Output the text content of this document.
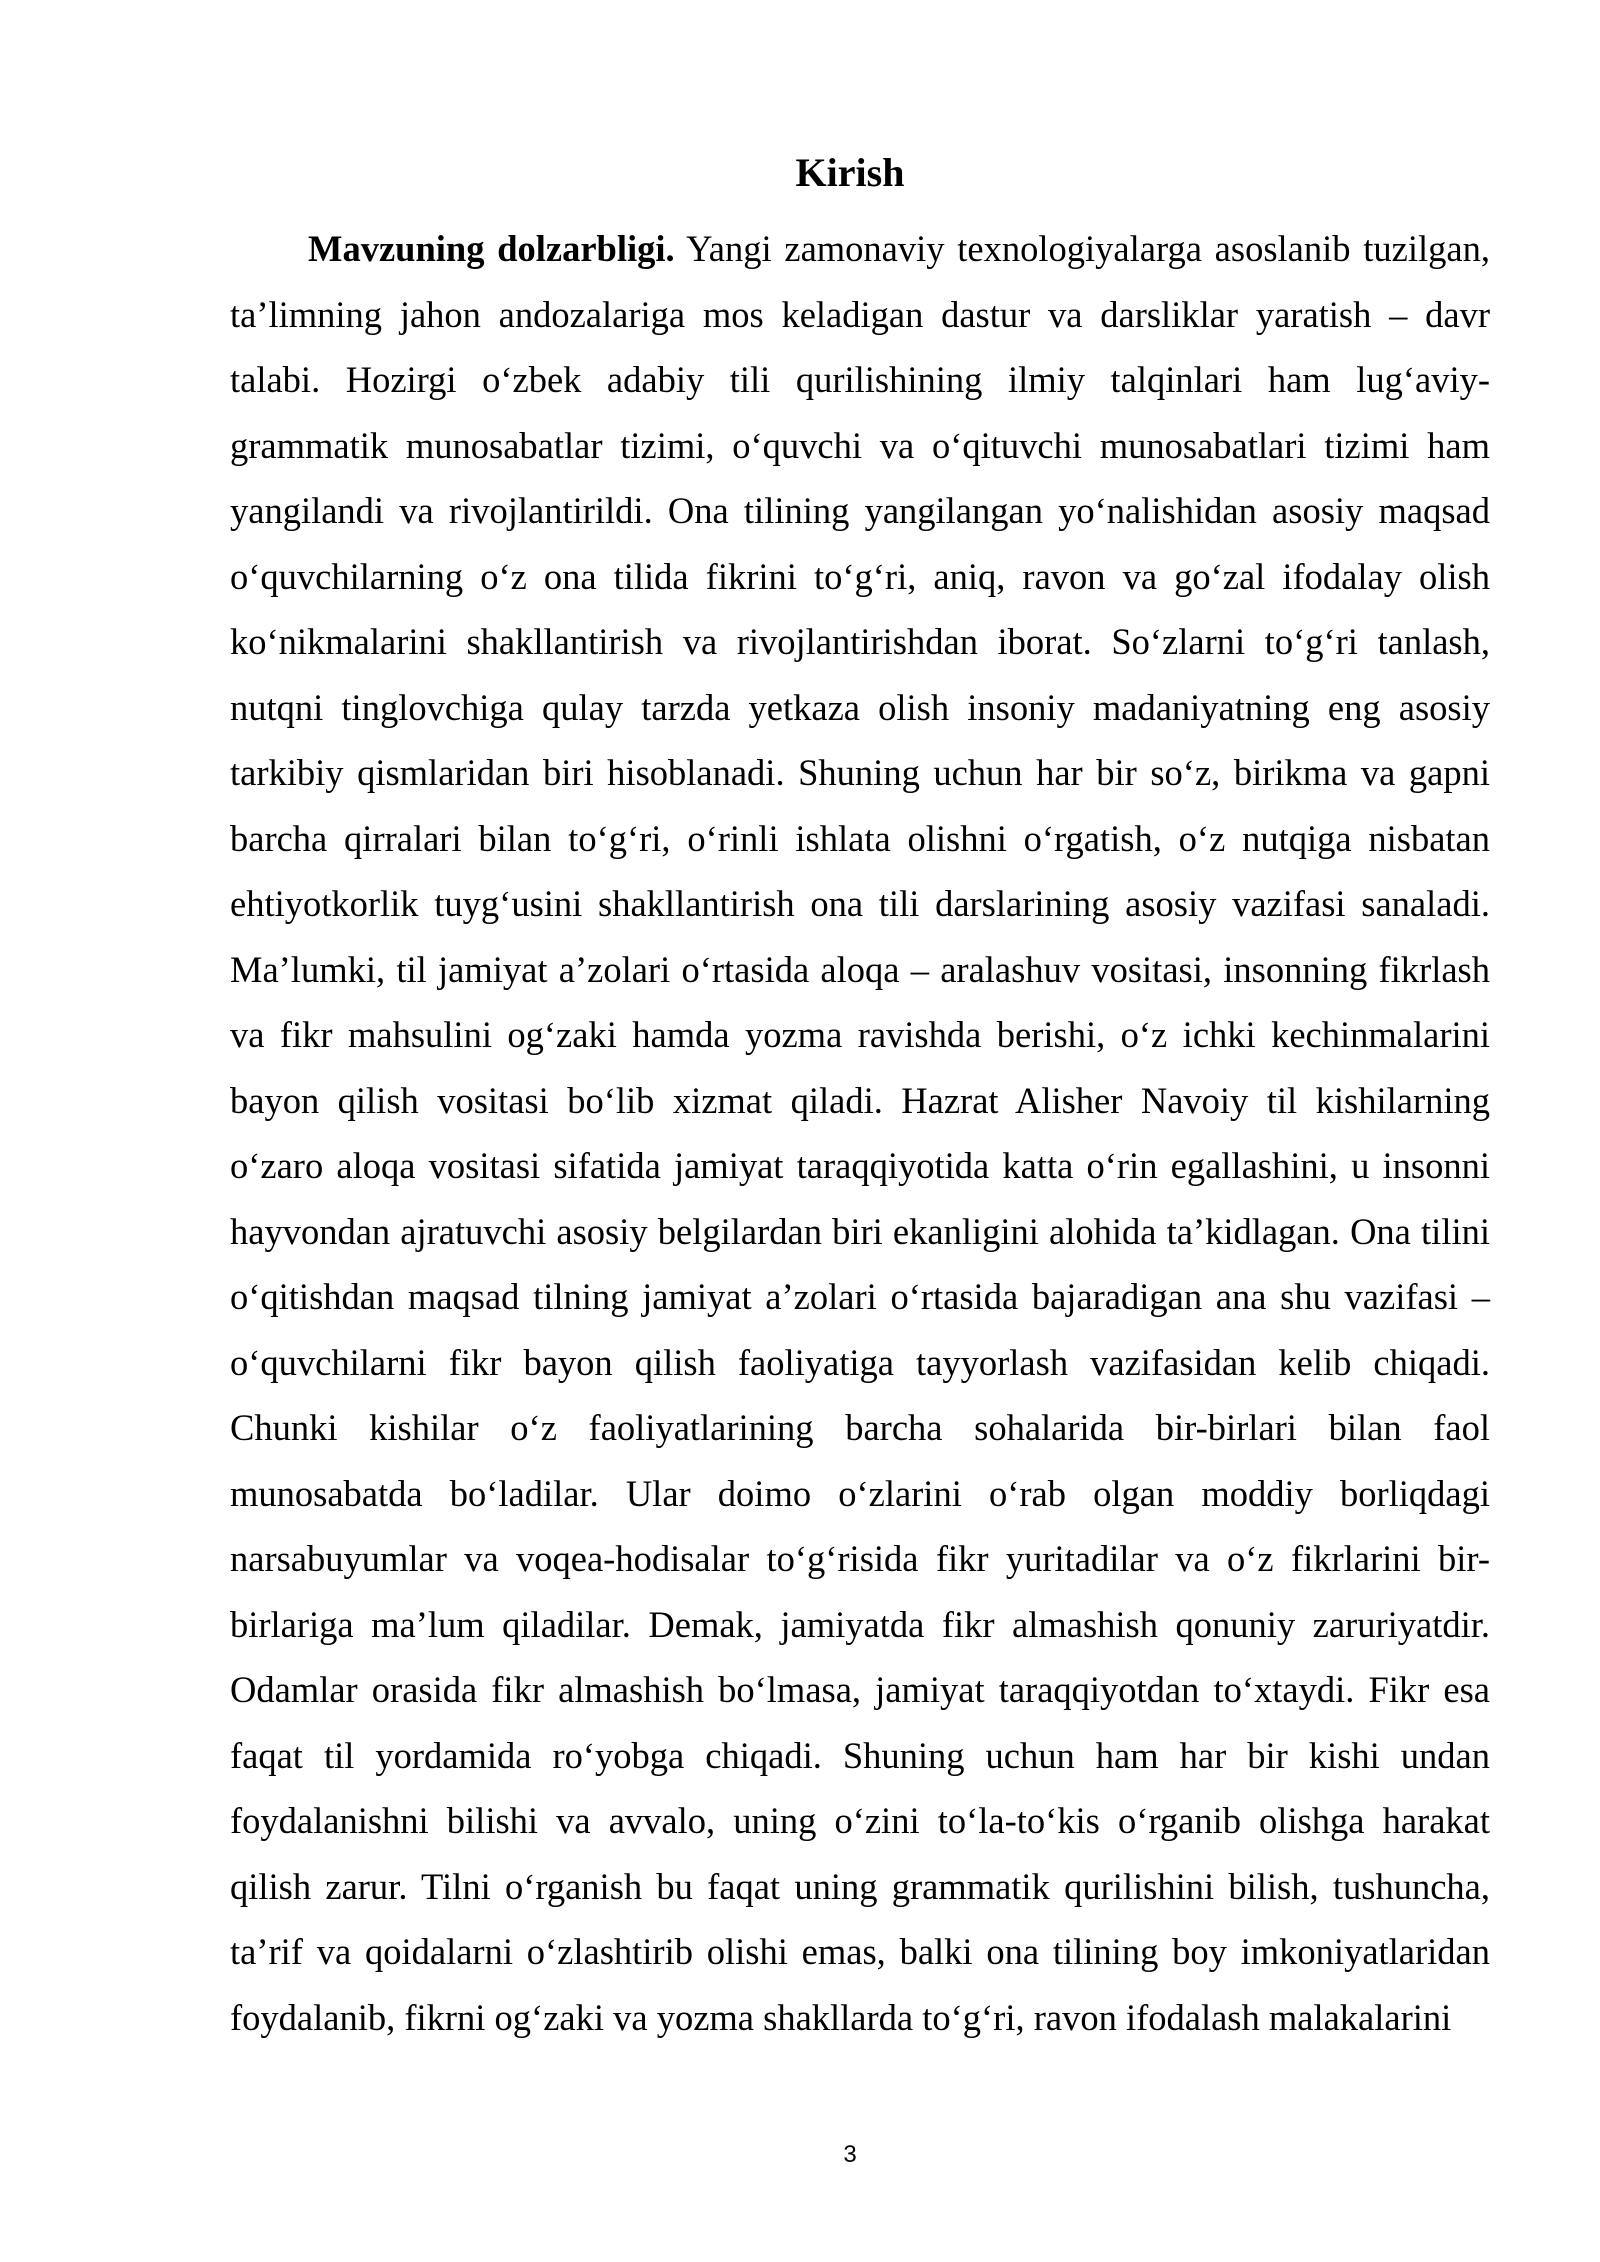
Kirish

Mavzuning dolzarbligi. Yangi zamonaviy texnologiyalarga asoslanib tuzilgan, ta’limning jahon andozalariga mos keladigan dastur va darsliklar yaratish – davr talabi. Hozirgi o‘zbek adabiy tili qurilishining ilmiy talqinlari ham lug‘aviy-grammatik munosabatlar tizimi, o‘quvchi va o‘qituvchi munosabatlari tizimi ham yangilandi va rivojlantirildi. Ona tilining yangilangan yo‘nalishidan asosiy maqsad o‘quvchilarning o‘z ona tilida fikrini to‘g‘ri, aniq, ravon va go‘zal ifodalay olish ko‘nikmalarini shakllantirish va rivojlantirishdan iborat. So‘zlarni to‘g‘ri tanlash, nutqni tinglovchiga qulay tarzda yetkaza olish insoniy madaniyatning eng asosiy tarkibiy qismlaridan biri hisoblanadi. Shuning uchun har bir so‘z, birikma va gapni barcha qirralari bilan to‘g‘ri, o‘rinli ishlata olishni o‘rgatish, o‘z nutqiga nisbatan ehtiyotkorlik tuyg‘usini shakllantirish ona tili darslarining asosiy vazifasi sanaladi. Ma’lumki, til jamiyat a’zolari o‘rtasida aloqa – aralashuv vositasi, insonning fikrlash va fikr mahsulini og‘zaki hamda yozma ravishda berishi, o‘z ichki kechinmalarini bayon qilish vositasi bo‘lib xizmat qiladi. Hazrat Alisher Navoiy til kishilarning o‘zaro aloqa vositasi sifatida jamiyat taraqqiyotida katta o‘rin egallashini, u insonni hayvondan ajratuvchi asosiy belgilardan biri ekanligini alohida ta’kidlagan. Ona tilini o‘qitishdan maqsad tilning jamiyat a’zolari o‘rtasida bajaradigan ana shu vazifasi – o‘quvchilarni fikr bayon qilish faoliyatiga tayyorlash vazifasidan kelib chiqadi. Chunki kishilar o‘z faoliyatlarining barcha sohalarida bir-birlari bilan faol munosabatda bo‘ladilar. Ular doimo o‘zlarini o‘rab olgan moddiy borliqdagi narsabuyumlar va voqea-hodisalar to‘g‘risida fikr yuritadilar va o‘z fikrlarini bir-birlariga ma’lum qiladilar. Demak, jamiyatda fikr almashish qonuniy zaruriyatdir. Odamlar orasida fikr almashish bo‘lmasa, jamiyat taraqqiyotdan to‘xtaydi. Fikr esa faqat til yordamida ro‘yobga chiqadi. Shuning uchun ham har bir kishi undan foydalanishni bilishi va avvalo, uning o‘zini to‘la-to‘kis o‘rganib olishga harakat qilish zarur. Tilni o‘rganish bu faqat uning grammatik qurilishini bilish, tushuncha, ta’rif va qoidalarni o‘zlashtirib olishi emas, balki ona tilining boy imkoniyatlaridan foydalanib, fikrni og‘zaki va yozma shakllarda to‘g‘ri, ravon ifodalash malakalarini

3
